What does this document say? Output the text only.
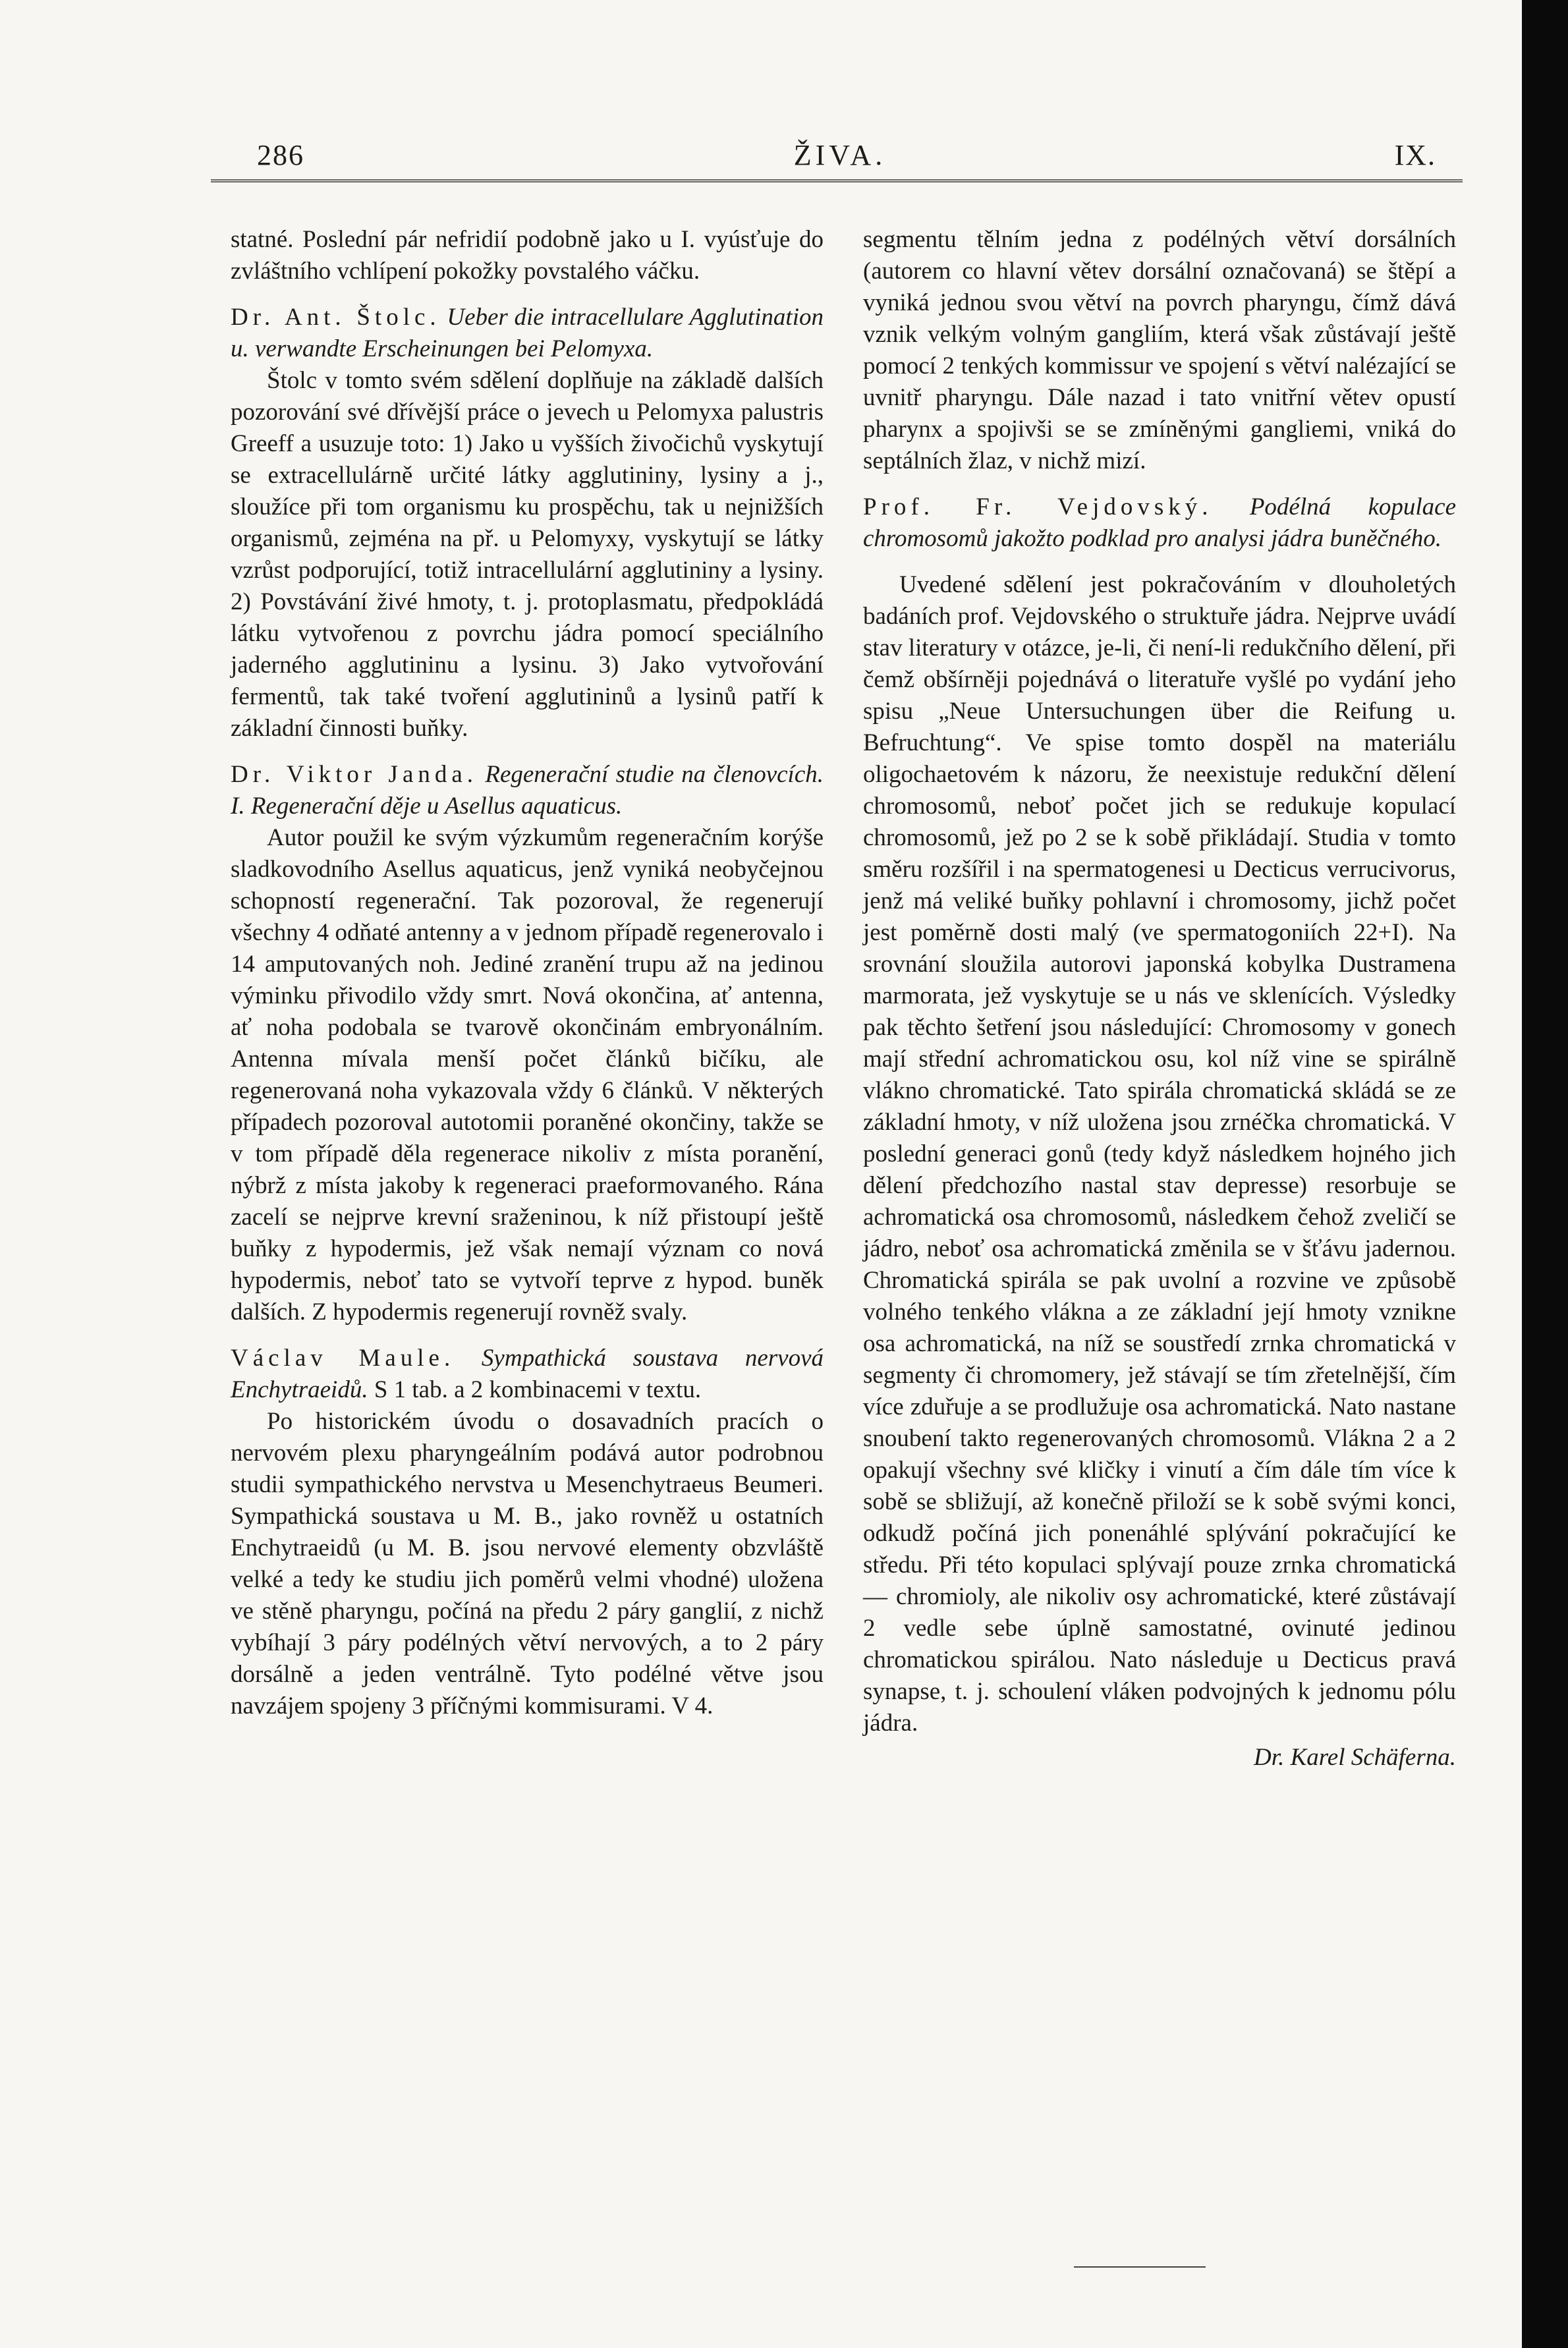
286	ŽIVA.	IX.

statné. Poslední pár nefridií podobně jako u I. vyúsťuje do zvláštního vchlípení pokožky povstalého váčku.

Dr. Ant. Štolc. Ueber die intracellulare Agglutination u. verwandte Erscheinungen bei Pelomyxa.

Štolc v tomto svém sdělení doplňuje na základě dalších pozorování své dřívější práce o jevech u Pelomyxa palustris Greeff a usuzuje toto: 1) Jako u vyšších živočichů vyskytují se extracellulárně určité látky agglutininy, lysiny a j., sloužíce při tom organismu ku prospěchu, tak u nejnižších organismů, zejména na př. u Pelomyxy, vyskytují se látky vzrůst podporující, totiž intracellulární agglutininy a lysiny. 2) Povstávání živé hmoty, t. j. protoplasmatu, předpokládá látku vytvořenou z povrchu jádra pomocí speciálního jaderného agglutininu a lysinu. 3) Jako vytvořování fermentů, tak také tvoření agglutininů a lysinů patří k základní činnosti buňky.

Dr. Viktor Janda. Regenerační studie na členovcích. I. Regenerační děje u Asellus aquaticus.

Autor použil ke svým výzkumům regeneračním korýše sladkovodního Asellus aquaticus, jenž vyniká neobyčejnou schopností regenerační. Tak pozoroval, že regenerují všechny 4 odňaté antenny a v jednom případě regenerovalo i 14 amputovaných noh. Jediné zranění trupu až na jedinou výminku přivodilo vždy smrt. Nová okončina, ať antenna, ať noha podobala se tvarově okončinám embryonálním. Antenna mívala menší počet článků bičíku, ale regenerovaná noha vykazovala vždy 6 článků. V některých případech pozoroval autotomii poraněné okončiny, takže se v tom případě děla regenerace nikoliv z místa poranění, nýbrž z místa jakoby k regeneraci praeformovaného. Rána zacelí se nejprve krevní sraženinou, k níž přistoupí ještě buňky z hypodermis, jež však nemají význam co nová hypodermis, neboť tato se vytvoří teprve z hypod. buněk dalších. Z hypodermis regenerují rovněž svaly.

Václav Maule. Sympathická soustava nervová Enchytraeidů. S 1 tab. a 2 kombinacemi v textu.

Po historickém úvodu o dosavadních pracích o nervovém plexu pharyngeálním podává autor podrobnou studii sympathického nervstva u Mesenchytraeus Beumeri. Sympathická soustava u M. B., jako rovněž u ostatních Enchytraeidů (u M. B. jsou nervové elementy obzvláště velké a tedy ke studiu jich poměrů velmi vhodné) uložena ve stěně pharyngu, počíná na předu 2 páry ganglií, z nichž vybíhají 3 páry podélných větví nervových, a to 2 páry dorsálně a jeden ventrálně. Tyto podélné větve jsou navzájem spojeny 3 příčnými kommisurami. V 4.

segmentu tělním jedna z podélných větví dorsálních (autorem co hlavní větev dorsální označovaná) se štěpí a vyniká jednou svou větví na povrch pharyngu, čímž dává vznik velkým volným gangliím, která však zůstávají ještě pomocí 2 tenkých kommissur ve spojení s větví nalézající se uvnitř pharyngu. Dále nazad i tato vnitřní větev opustí pharynx a spojivši se se zmíněnými gangliemi, vniká do septálních žlaz, v nichž mizí.

Prof. Fr. Vejdovský. Podélná kopulace chromosomů jakožto podklad pro analysi jádra buněčného.

Uvedené sdělení jest pokračováním v dlouholetých badáních prof. Vejdovského o struktuře jádra. Nejprve uvádí stav literatury v otázce, je-li, či není-li redukčního dělení, při čemž obšírněji pojednává o literatuře vyšlé po vydání jeho spisu „Neue Untersuchungen über die Reifung u. Befruchtung“. Ve spise tomto dospěl na materiálu oligochaetovém k názoru, že neexistuje redukční dělení chromosomů, neboť počet jich se redukuje kopulací chromosomů, jež po 2 se k sobě přikládají. Studia v tomto směru rozšířil i na spermatogenesi u Decticus verrucivorus, jenž má veliké buňky pohlavní i chromosomy, jichž počet jest poměrně dosti malý (ve spermatogoniích 22+I). Na srovnání sloužila autorovi japonská kobylka Dustramena marmorata, jež vyskytuje se u nás ve sklenících. Výsledky pak těchto šetření jsou následující: Chromosomy v gonech mají střední achromatickou osu, kol níž vine se spirálně vlákno chromatické. Tato spirála chromatická skládá se ze základní hmoty, v níž uložena jsou zrnéčka chromatická. V poslední generaci gonů (tedy když následkem hojného jich dělení předchozího nastal stav depresse) resorbuje se achromatická osa chromosomů, následkem čehož zveličí se jádro, neboť osa achromatická změnila se v šťávu jadernou. Chromatická spirála se pak uvolní a rozvine ve způsobě volného tenkého vlákna a ze základní její hmoty vznikne osa achromatická, na níž se soustředí zrnka chromatická v segmenty či chromomery, jež stávají se tím zřetelnější, čím více zduřuje a se prodlužuje osa achromatická. Nato nastane snoubení takto regenerovaných chromosomů. Vlákna 2 a 2 opakují všechny své kličky i vinutí a čím dále tím více k sobě se sbližují, až konečně přiloží se k sobě svými konci, odkudž počíná jich ponenáhlé splývání pokračující ke středu. Při této kopulaci splývají pouze zrnka chromatická — chromioly, ale nikoliv osy achromatické, které zůstávají 2 vedle sebe úplně samostatné, ovinuté jedinou chromatickou spirálou. Nato následuje u Decticus pravá synapse, t. j. schoulení vláken podvojných k jednomu pólu jádra.

Dr. Karel Schäferna.
